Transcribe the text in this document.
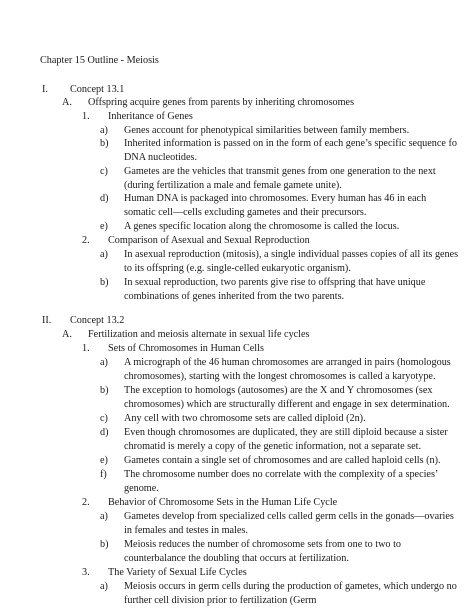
Chapter 15 Outline - Meiosis
I. Concept 13.1
A. Offspring acquire genes from parents by inheriting chromosomes
1. Inheritance of Genes
a) Genes account for phenotypical similarities between family members.
b) Inherited information is passed on in the form of each gene’s specific sequence fo
DNA nucleotides.
c) Gametes are the vehicles that transmit genes from one generation to the next
(during fertilization a male and female gamete unite).
d) Human DNA is packaged into chromosomes. Every human has 46 in each
somatic cell—cells excluding gametes and their precursors.
e) A genes specific location along the chromosome is called the locus.
2. Comparison of Asexual and Sexual Reproduction
a) In asexual reproduction (mitosis), a single individual passes copies of all its genes
to its offspring (e.g. single-celled eukaryotic organism).
b) In sexual reproduction, two parents give rise to offspring that have unique
combinations of genes inherited from the two parents.
II. Concept 13.2
A. Fertilization and meiosis alternate in sexual life cycles
1. Sets of Chromosomes in Human Cells
a) A micrograph of the 46 human chromosomes are arranged in pairs (homologous
chromosomes), starting with the longest chromosomes is called a karyotype.
b) The exception to homologs (autosomes) are the X and Y chromosomes (sex
chromosomes) which are structurally different and engage in sex determination.
c) Any cell with two chromosome sets are called diploid (2n).
d) Even though chromosomes are duplicated, they are still diploid because a sister
chromatid is merely a copy of the genetic information, not a separate set.
e) Gametes contain a single set of chromosomes and are called haploid cells (n).
f) The chromosome number does no correlate with the complexity of a species’
genome.
2. Behavior of Chromosome Sets in the Human Life Cycle
a) Gametes develop from specialized cells called germ cells in the gonads—ovaries
in females and testes in males.
b) Meiosis reduces the number of chromosome sets from one to two to
counterbalance the doubling that occurs at fertilization.
3. The Variety of Sexual Life Cycles
a) Meiosis occurs in germ cells during the production of gametes, which undergo no
further cell division prior to fertilization (Germ
